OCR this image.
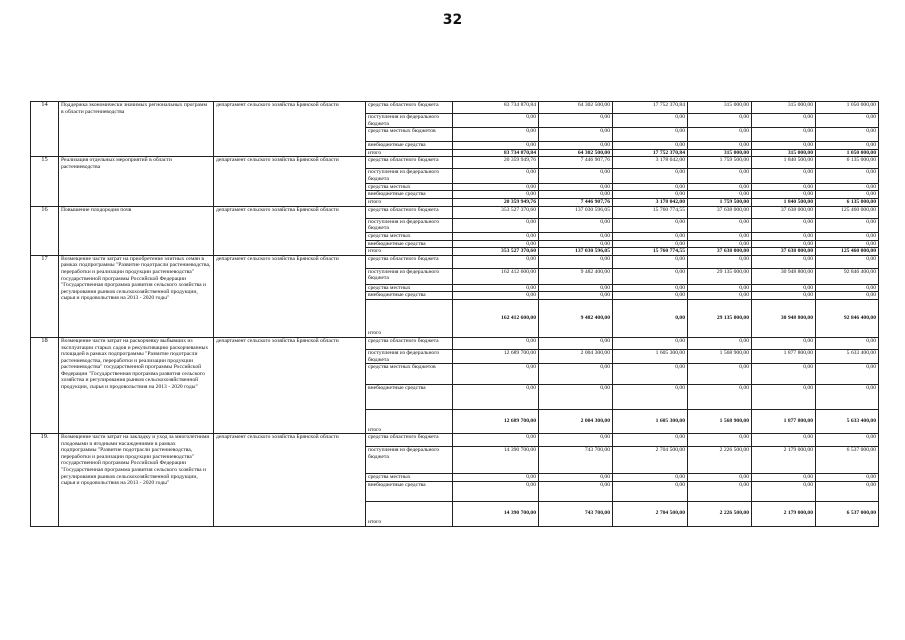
32
14	Поддержка экономически значимых региональных программ в области растениеводства	департамент сельского хозяйства Брянской области	средства областного бюджета	83 734 870,84	64 302 500,00	17 752 370,84	315 000,00	315 000,00	1 050 000,00
			поступления из федерального бюджета	0,00	0,00	0,00	0,00	0,00	0,00
			средства местных бюджетов	0,00	0,00	0,00	0,00	0,00	0,00
			внебюджетные средства	0,00	0,00	0,00	0,00	0,00	0,00
			итого	83 734 870,84	64 302 500,00	17 752 370,84	315 000,00	315 000,00	1 050 000,00
15	Реализация отдельных мероприятий в области растениеводства	департамент сельского хозяйства Брянской области	средства областного бюджета	20 359 949,76	7 446 907,76	3 178 042,00	1 759 500,00	1 840 500,00	6 135 000,00
			поступления из федерального бюджета	0,00	0,00	0,00	0,00	0,00	0,00
			средства местных	0,00	0,00	0,00	0,00	0,00	0,00
			внебюджетные средства	0,00	0,00	0,00	0,00	0,00	0,00
			итого	20 359 949,76	7 446 907,76	3 178 042,00	1 759 500,00	1 840 500,00	6 135 000,00
16	Повышение плодородия почв	департамент сельского хозяйства Брянской области	средства областного бюджета	353 527 370,60	137 030 596,05	15 760 774,55	37 638 000,00	37 638 000,00	125 460 000,00
			поступления из федерального бюджета	0,00	0,00	0,00	0,00	0,00	0,00
			средства местных	0,00	0,00	0,00	0,00	0,00	0,00
			внебюджетные средства	0,00	0,00	0,00	0,00	0,00	0,00
			итого	353 527 370,60	137 030 596,05	15 760 774,55	37 638 000,00	37 638 000,00	125 460 000,00
17	Возмещение части затрат на приобретение элитных семян в рамках подпрограммы "Развитие подотрасли растениеводства, переработки и реализации продукции растениеводства" государственной программы Российской Федерации "Государственная программа развития сельского хозяйства и регулирования рынков сельскохозяйственной продукции, сырья и продовольствия на 2013 - 2020 годы"	департамент сельского хозяйства Брянской области	средства областного бюджета	0,00	0,00	0,00	0,00	0,00	0,00
			поступления из федерального бюджета	162 412 600,00	9 482 400,00	0,00	29 135 000,00	30 948 800,00	92 846 400,00
			средства местных	0,00	0,00	0,00	0,00	0,00	0,00
			внебюджетные средства	0,00	0,00	0,00	0,00	0,00	0,00
			итого	162 412 600,00	9 482 400,00	0,00	29 135 000,00	30 948 800,00	92 846 400,00
18	Возмещение части затрат на раскорчевку выбывших из эксплуатации старых садов и рекультивацию раскорчеванных площадей в рамках подпрограммы "Развитие подотрасли растениеводства, переработки и реализации продукции растениеводства" государственной программы Российской Федерации "Государственная программа развития сельского хозяйства и регулирования рынков сельскохозяйственной продукции, сырья и продовольствия на 2013 - 2020 годы"	департамент сельского хозяйства Брянской области	средства областного бюджета	0,00	0,00	0,00	0,00	0,00	0,00
			поступления из федерального бюджета	12 689 700,00	2 004 300,00	1 605 300,00	1 568 900,00	1 877 800,00	5 633 400,00
			средства местных бюджетов	0,00	0,00	0,00	0,00	0,00	0,00
			внебюджетные средства	0,00	0,00	0,00	0,00	0,00	0,00
			итого	12 689 700,00	2 004 300,00	1 605 300,00	1 568 900,00	1 877 800,00	5 633 400,00
19.	Возмещение части затрат на закладку и уход за многолетними плодовыми и ягодными насаждениями в рамках подпрограммы "Развитие подотрасли растениеводства, переработки и реализации продукции растениеводства" государственной программы Российской Федерации "Государственная программа развития сельского хозяйства и регулирования рынков сельскохозяйственной продукции, сырья и продовольствия на 2013 - 2020 годы"	департамент сельского хозяйства Брянской области	средства областного бюджета	0,00	0,00	0,00	0,00	0,00	0,00
			поступления из федерального бюджета	14 390 700,00	743 700,00	2 704 500,00	2 226 500,00	2 179 000,00	6 537 000,00
			средства местных	0,00	0,00	0,00	0,00	0,00	0,00
			внебюджетные средства	0,00	0,00	0,00	0,00	0,00	0,00
			итого	14 390 700,00	743 700,00	2 704 500,00	2 226 500,00	2 179 000,00	6 537 000,00
